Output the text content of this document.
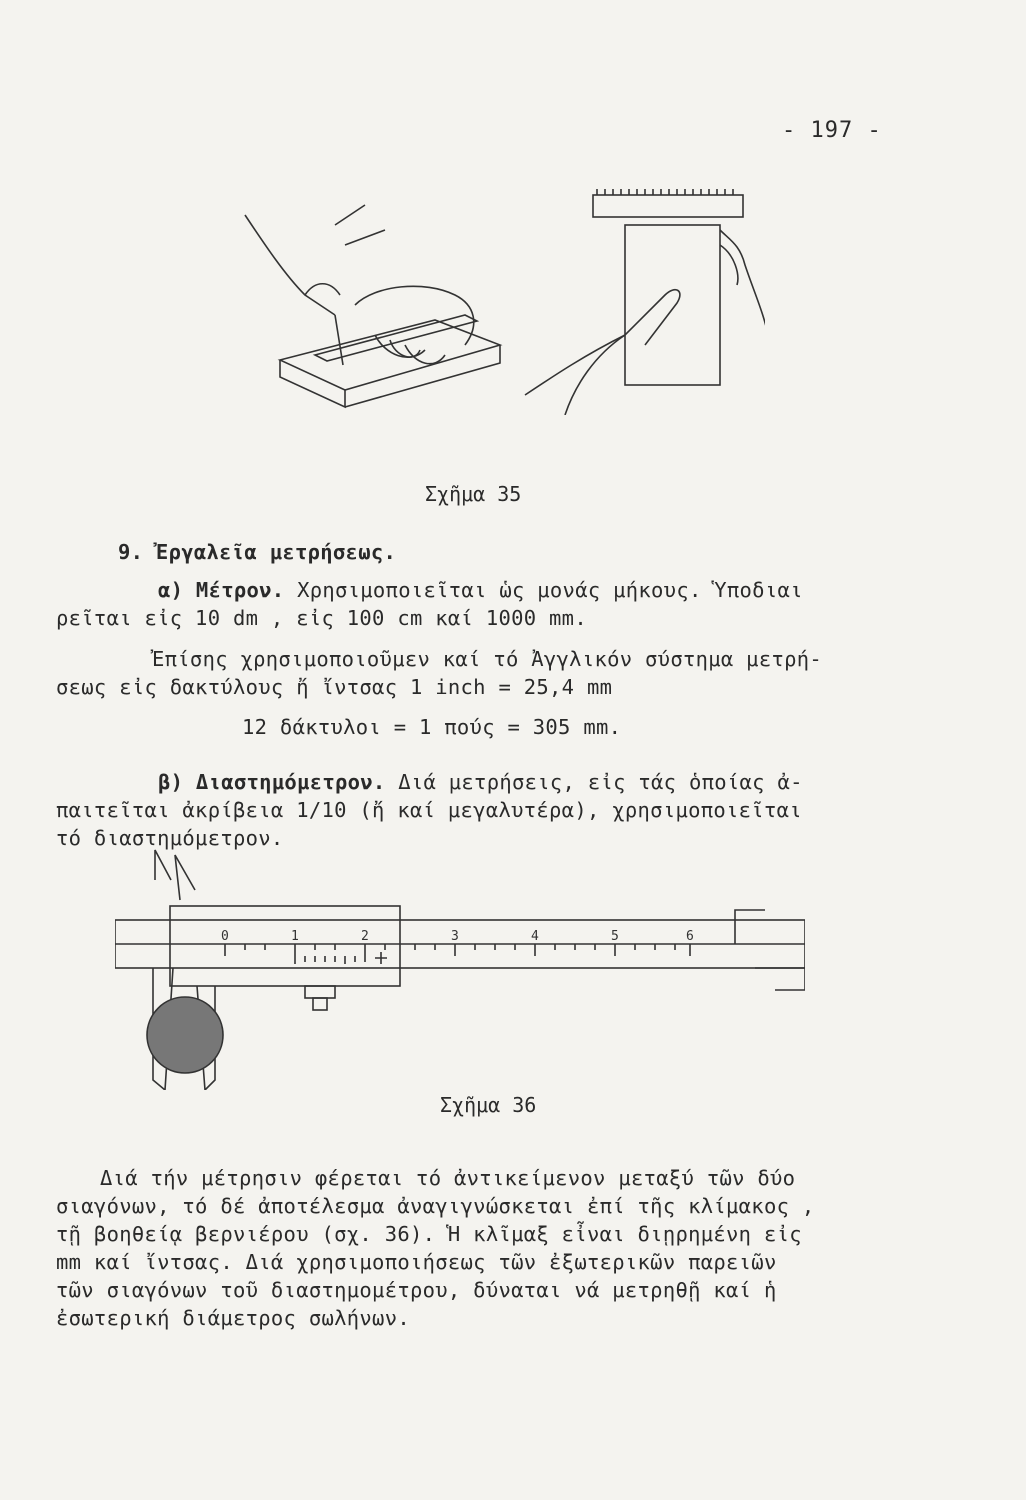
- 197 -
Σχῆμα 35
9. Ἐργαλεῖα μετρήσεως.
α) Μέτρον. Χρησιμοποιεῖται ὡς μονάς μήκους. Ὑποδιαι
ρεῖται εἰς 10 dm , εἰς 100 cm καί 1000 mm.
Ἐπίσης χρησιμοποιοῦμεν καί τό Ἀγγλικόν σύστημα μετρή-
σεως εἰς δακτύλους ἤ ἴντσας 1 inch = 25,4 mm
12 δάκτυλοι = 1 πούς = 305 mm.
β) Διαστημόμετρον. Διά μετρήσεις, εἰς τάς ὁποίας ἀ-
παιτεῖται ἀκρίβεια 1/10 (ἤ καί μεγαλυτέρα), χρησιμοποιεῖται
τό διαστημόμετρον.
0	1	2	3	4	5	6
Σχῆμα 36
Διά τήν μέτρησιν φέρεται τό ἀντικείμενον μεταξύ τῶν δύο
σιαγόνων, τό δέ ἀποτέλεσμα ἀναγιγνώσκεται ἐπί τῆς κλίμακος ,
τῇ βοηθείᾳ βερνιέρου (σχ. 36). Ἡ κλῖμαξ εἶναι διῃρημένη εἰς
mm καί ἴντσας. Διά χρησιμοποιήσεως τῶν ἐξωτερικῶν παρειῶν
τῶν σιαγόνων τοῦ διαστημομέτρου, δύναται νά μετρηθῇ καί ἡ
ἐσωτερική διάμετρος σωλήνων.
